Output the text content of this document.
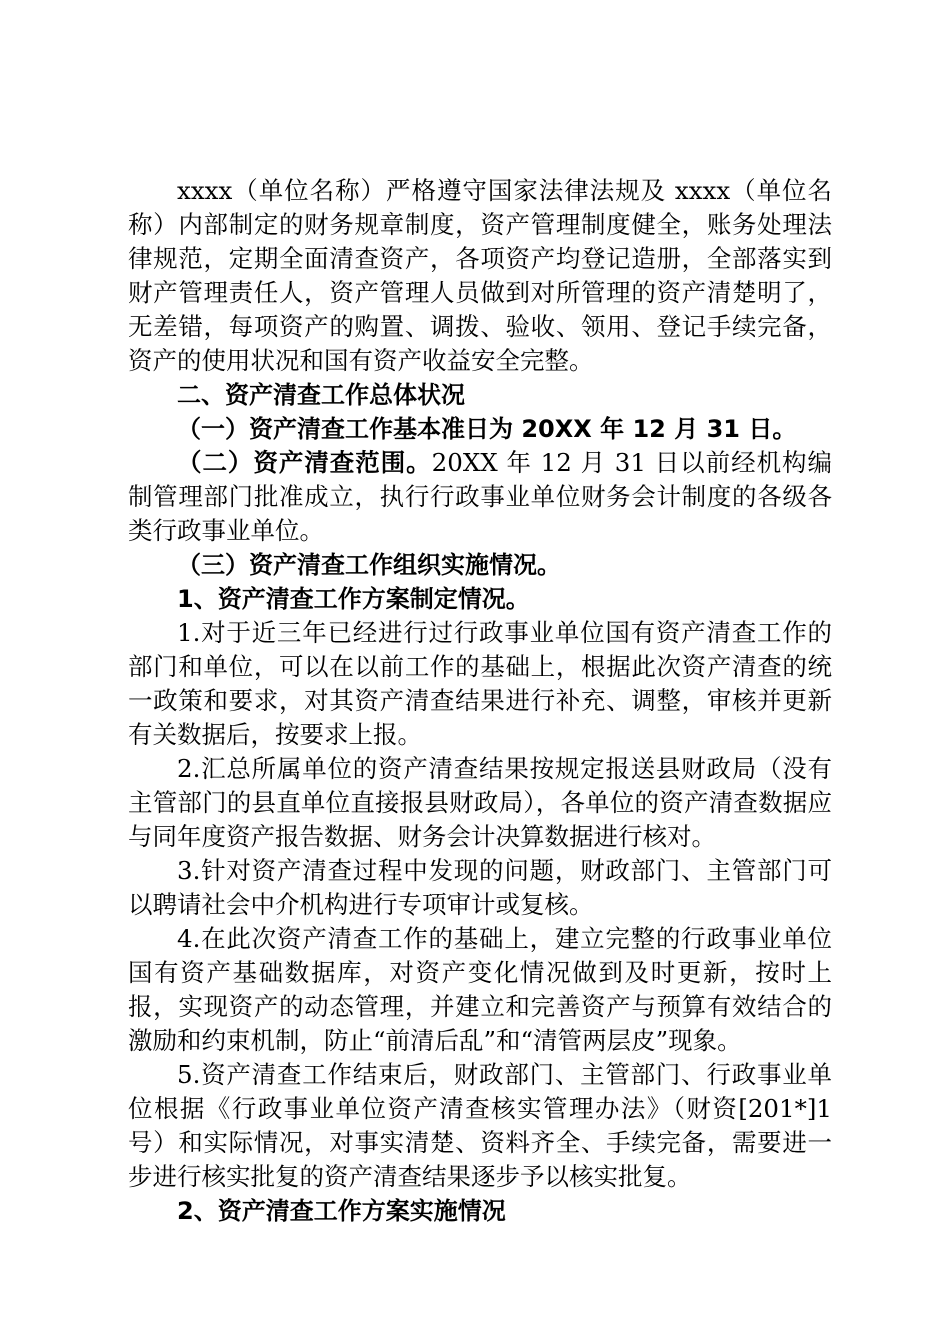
xxxx（单位名称）严格遵守国家法律法规及 xxxx（单位名称）内部制定的财务规章制度，资产管理制度健全，账务处理法律规范，定期全面清查资产，各项资产均登记造册，全部落实到财产管理责任人，资产管理人员做到对所管理的资产清楚明了，无差错，每项资产的购置、调拨、验收、领用、登记手续完备，资产的使用状况和国有资产收益安全完整。

二、资产清查工作总体状况

（一）资产清查工作基本准日为 20XX 年 12 月 31 日。

（二）资产清查范围。20XX 年 12 月 31 日以前经机构编制管理部门批准成立，执行行政事业单位财务会计制度的各级各类行政事业单位。

（三）资产清查工作组织实施情况。

1、资产清查工作方案制定情况。

1.对于近三年已经进行过行政事业单位国有资产清查工作的部门和单位，可以在以前工作的基础上，根据此次资产清查的统一政策和要求，对其资产清查结果进行补充、调整，审核并更新有关数据后，按要求上报。

2.汇总所属单位的资产清查结果按规定报送县财政局（没有主管部门的县直单位直接报县财政局），各单位的资产清查数据应与同年度资产报告数据、财务会计决算数据进行核对。

3.针对资产清查过程中发现的问题，财政部门、主管部门可以聘请社会中介机构进行专项审计或复核。

4.在此次资产清查工作的基础上，建立完整的行政事业单位国有资产基础数据库，对资产变化情况做到及时更新，按时上报，实现资产的动态管理，并建立和完善资产与预算有效结合的激励和约束机制，防止“前清后乱”和“清管两层皮”现象。

5.资产清查工作结束后，财政部门、主管部门、行政事业单位根据《行政事业单位资产清查核实管理办法》（财资[201*]1 号）和实际情况，对事实清楚、资料齐全、手续完备，需要进一步进行核实批复的资产清查结果逐步予以核实批复。

2、资产清查工作方案实施情况
